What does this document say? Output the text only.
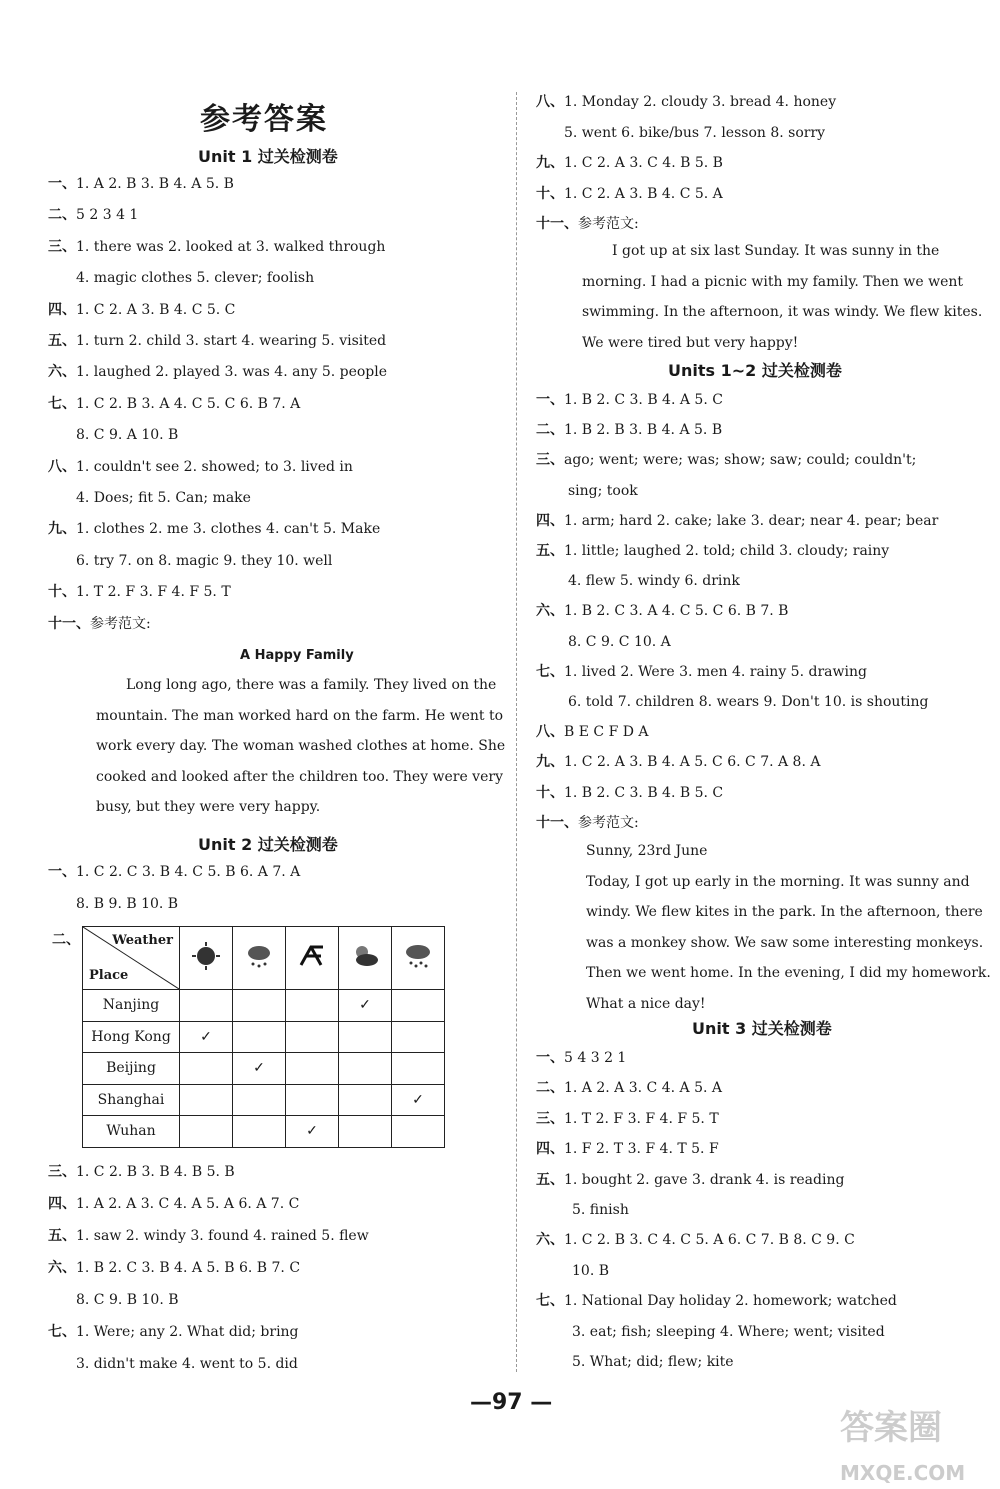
参考答案
Unit 1 过关检测卷
一、1. A 2. B 3. B 4. A 5. B
二、5 2 3 4 1
三、1. there was 2. looked at 3. walked through
4. magic clothes 5. clever; foolish
四、1. C 2. A 3. B 4. C 5. C
五、1. turn 2. child 3. start 4. wearing 5. visited
六、1. laughed 2. played 3. was 4. any 5. people
七、1. C 2. B 3. A 4. C 5. C 6. B 7. A
8. C 9. A 10. B
八、1. couldn't see 2. showed; to 3. lived in
4. Does; fit 5. Can; make
九、1. clothes 2. me 3. clothes 4. can't 5. Make
6. try 7. on 8. magic 9. they 10. well
十、1. T 2. F 3. F 4. F 5. T
十一、参考范文:
A Happy Family
Long long ago, there was a family. They lived on the
mountain. The man worked hard on the farm. He went to
work every day. The woman washed clothes at home. She
cooked and looked after the children too. They were very
busy, but they were very happy.
Unit 2 过关检测卷
一、1. C 2. C 3. B 4. C 5. B 6. A 7. A
8. B 9. B 10. B
二、 Weather
Place

Nanjing				✓	
Hong Kong	✓				
Beijing		✓			
Shanghai					✓
Wuhan			✓		
三、1. C 2. B 3. B 4. B 5. B
四、1. A 2. A 3. C 4. A 5. A 6. A 7. C
五、1. saw 2. windy 3. found 4. rained 5. flew
六、1. B 2. C 3. B 4. A 5. B 6. B 7. C
8. C 9. B 10. B
七、1. Were; any 2. What did; bring
3. didn't make 4. went to 5. did
八、1. Monday 2. cloudy 3. bread 4. honey
5. went 6. bike/bus 7. lesson 8. sorry
九、1. C 2. A 3. C 4. B 5. B
十、1. C 2. A 3. B 4. C 5. A
十一、参考范文:
I got up at six last Sunday. It was sunny in the
morning. I had a picnic with my family. Then we went
swimming. In the afternoon, it was windy. We flew kites.
We were tired but very happy!
Units 1~2 过关检测卷
一、1. B 2. C 3. B 4. A 5. C
二、1. B 2. B 3. B 4. A 5. B
三、ago; went; were; was; show; saw; could; couldn't;
sing; took
四、1. arm; hard 2. cake; lake 3. dear; near 4. pear; bear
五、1. little; laughed 2. told; child 3. cloudy; rainy
4. flew 5. windy 6. drink
六、1. B 2. C 3. A 4. C 5. C 6. B 7. B
8. C 9. C 10. A
七、1. lived 2. Were 3. men 4. rainy 5. drawing
6. told 7. children 8. wears 9. Don't 10. is shouting
八、B E C F D A
九、1. C 2. A 3. B 4. A 5. C 6. C 7. A 8. A
十、1. B 2. C 3. B 4. B 5. C
十一、参考范文:
Sunny, 23rd June
Today, I got up early in the morning. It was sunny and
windy. We flew kites in the park. In the afternoon, there
was a monkey show. We saw some interesting monkeys.
Then we went home. In the evening, I did my homework.
What a nice day!
Unit 3 过关检测卷
一、5 4 3 2 1
二、1. A 2. A 3. C 4. A 5. A
三、1. T 2. F 3. F 4. F 5. T
四、1. F 2. T 3. F 4. T 5. F
五、1. bought 2. gave 3. drank 4. is reading
5. finish
六、1. C 2. B 3. C 4. C 5. A 6. C 7. B 8. C 9. C
10. B
七、1. National Day holiday 2. homework; watched
3. eat; fish; sleeping 4. Where; went; visited
5. What; did; flew; kite
—97 —
答案圈
MXQE.COM
